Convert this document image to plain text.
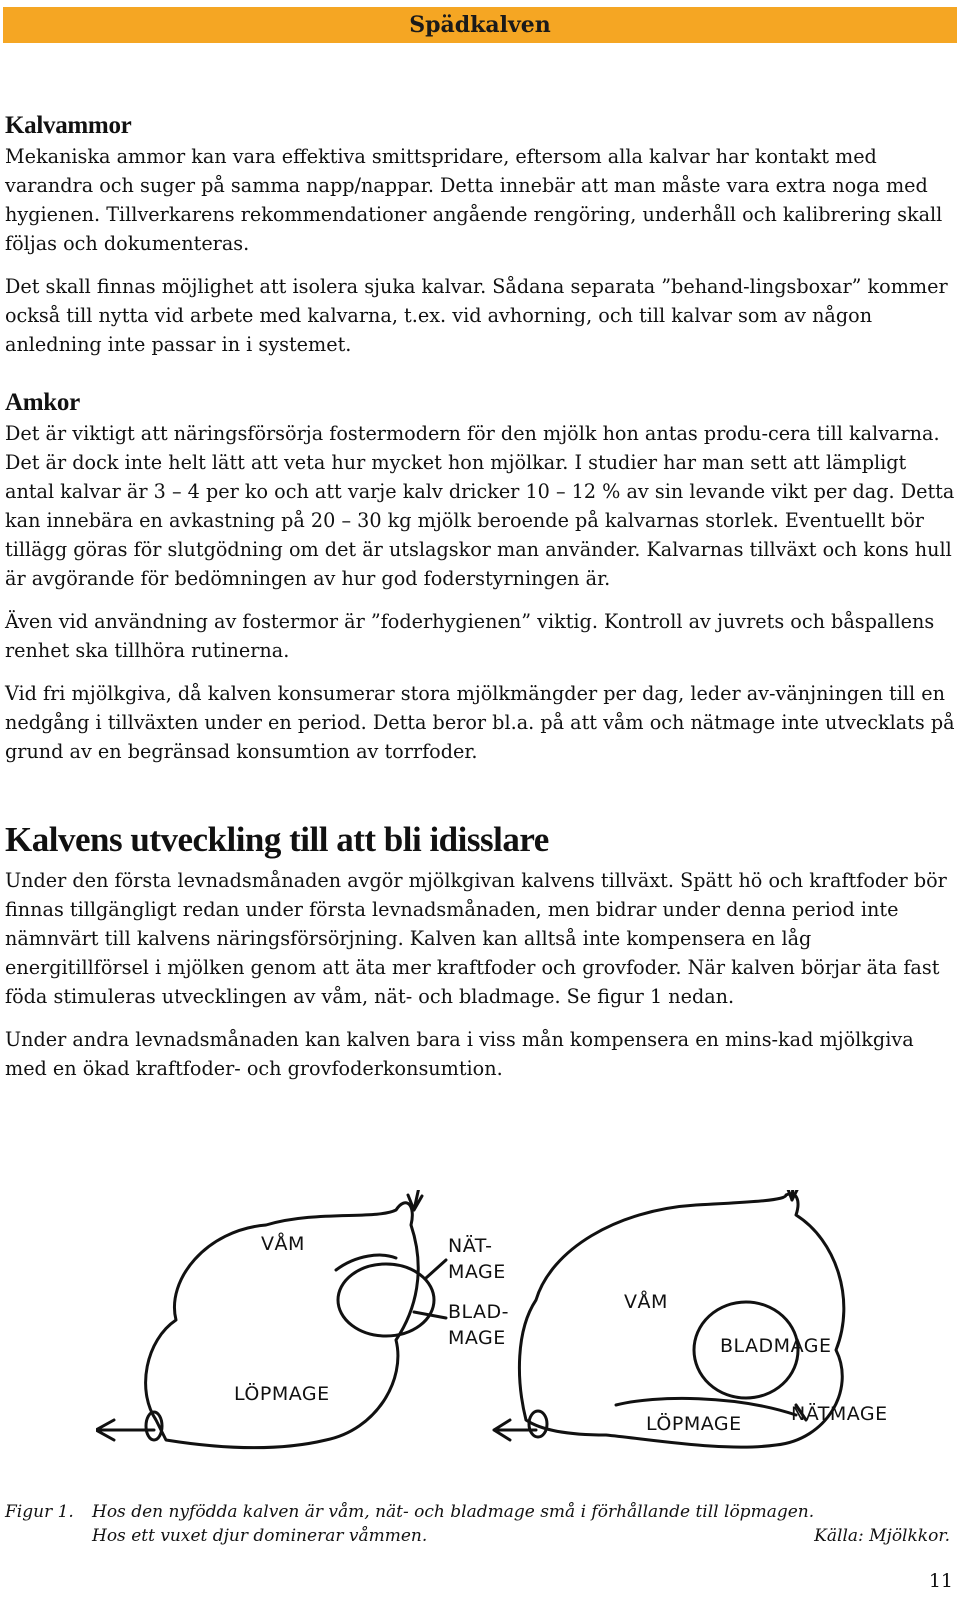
Spädkalven
Kalvammor

Mekaniska ammor kan vara effektiva smittspridare, eftersom alla kalvar har kontakt med varandra och suger på samma napp/nappar. Detta innebär att man måste vara extra noga med hygienen. Tillverkarens rekommendationer angående rengöring, underhåll och kalibrering skall följas och dokumenteras.

Det skall finnas möjlighet att isolera sjuka kalvar. Sådana separata ”behand-lingsboxar” kommer också till nytta vid arbete med kalvarna, t.ex. vid avhorning, och till kalvar som av någon anledning inte passar in i systemet.

Amkor

Det är viktigt att näringsförsörja fostermodern för den mjölk hon antas produ-cera till kalvarna. Det är dock inte helt lätt att veta hur mycket hon mjölkar. I studier har man sett att lämpligt antal kalvar är 3 – 4 per ko och att varje kalv dricker 10 – 12 % av sin levande vikt per dag. Detta kan innebära en avkastning på 20 – 30 kg mjölk beroende på kalvarnas storlek. Eventuellt bör tillägg göras för slutgödning om det är utslagskor man använder. Kalvarnas tillväxt och kons hull är avgörande för bedömningen av hur god foderstyrningen är.

Även vid användning av fostermor är ”foderhygienen” viktig. Kontroll av juvrets och båspallens renhet ska tillhöra rutinerna.

Vid fri mjölkgiva, då kalven konsumerar stora mjölkmängder per dag, leder av-vänjningen till en nedgång i tillväxten under en period. Detta beror bl.a. på att våm och nätmage inte utvecklats på grund av en begränsad konsumtion av torrfoder.

Kalvens utveckling till att bli idisslare

Under den första levnadsmånaden avgör mjölkgivan kalvens tillväxt. Spätt hö och kraftfoder bör finnas tillgängligt redan under första levnadsmånaden, men bidrar under denna period inte nämnvärt till kalvens näringsförsörjning. Kalven kan alltså inte kompensera en låg energitillförsel i mjölken genom att äta mer kraftfoder och grovfoder. När kalven börjar äta fast föda stimuleras utvecklingen av våm, nät- och bladmage. Se figur 1 nedan.

Under andra levnadsmånaden kan kalven bara i viss mån kompensera en mins-kad mjölkgiva med en ökad kraftfoder- och grovfoderkonsumtion.

VÅM	NÄT-
MAGE
BLAD-
MAGE
LÖPMAGE
VÅM
BLADMAGE
LÖPMAGE	NÄTMAGE
Figur 1. Hos den nyfödda kalven är våm, nät- och bladmage små i förhållande till löpmagen.
Hos ett vuxet djur dominerar våmmen.	Källa: Mjölkkor.
11
